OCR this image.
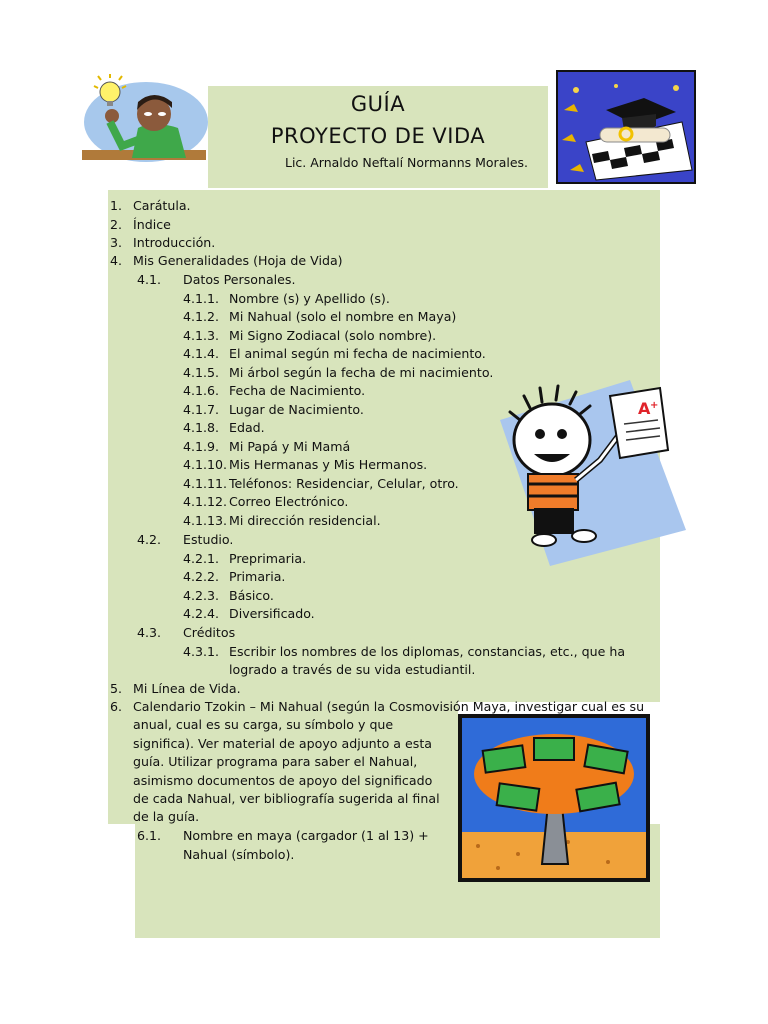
GUÍA
PROYECTO DE VIDA
Lic. Arnaldo Neftalí Normanns Morales.
A +
1. Carátula.
2. Índice
3. Introducción.
4. Mis Generalidades (Hoja de Vida)
4.1. Datos Personales.
4.1.1. Nombre (s) y Apellido (s).
4.1.2. Mi Nahual (solo el nombre en Maya)
4.1.3. Mi Signo Zodiacal (solo nombre).
4.1.4. El animal según mi fecha de nacimiento.
4.1.5. Mi árbol según la fecha de mi nacimiento.
4.1.6. Fecha de Nacimiento.
4.1.7. Lugar de Nacimiento.
4.1.8. Edad.
4.1.9. Mi Papá y Mi Mamá
4.1.10. Mis Hermanas y Mis Hermanos.
4.1.11. Teléfonos: Residenciar, Celular, otro.
4.1.12. Correo Electrónico.
4.1.13. Mi dirección residencial.
4.2. Estudio.
4.2.1. Preprimaria.
4.2.2. Primaria.
4.2.3. Básico.
4.2.4. Diversificado.
4.3. Créditos
4.3.1. Escribir los nombres de los diplomas, constancias, etc., que ha
logrado a través de su vida estudiantil.
5. Mi Línea de Vida.
6. Calendario Tzokin – Mi Nahual (según la Cosmovisión Maya, investigar cual es su
anual, cual es su carga, su símbolo y que
significa). Ver material de apoyo adjunto a esta
guía. Utilizar programa para saber el Nahual,
asimismo documentos de apoyo del significado
de cada Nahual, ver bibliografía sugerida al final
de la guía.
6.1. Nombre en maya (cargador (1 al 13) +
Nahual (símbolo).
